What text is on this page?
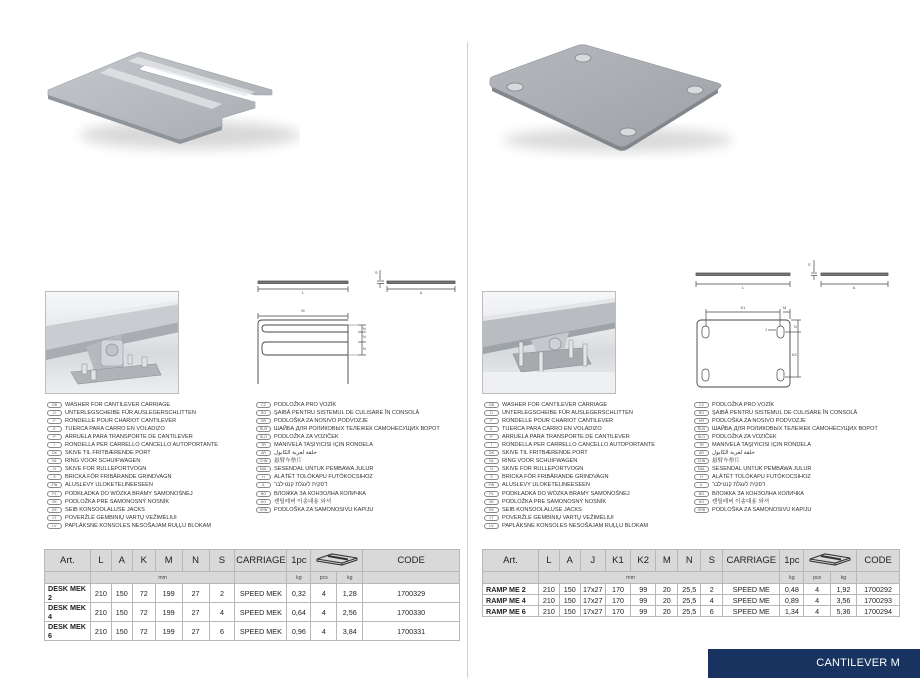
L	A
S
M
N
N
N
GB	WASHER FOR CANTILEVER CARRIAGE
D	UNTERLEGSCHEIBE FÜR AUSLEGERSCHLITTEN
F	RONDELLE POUR CHARIOT CANTILEVER
E	TUERCA PARA CARRO EN VOLADIZO
P	ARRUELA PARA TRANSPORTE DE CANTILEVER
I	RONDELLA PER CARRELLO CANCELLO AUTOPORTANTE
DK	SKIVE TIL FRITBÆRENDE PORT
NL	RING VOOR SCHUIFWAGEN
N	SKIVE FOR RULLEPORTVOGN
S	BRICKA FÖR FRIBÄRANDE GRINDVAGN
FIN	ALUSLEVY ULOKETELINEESEEN
PL	PODKŁADKA DO WÓZKA BRAMY SAMONOŚNEJ
SK	PODLOŽKA PRE SAMONOSNÝ NOSNÍK
EE	SEIB KONSOOLALUSE JACKS
LT	POVERŽLĖ GEMBINIŲ VARTŲ VEŽIMĖLIUI
LV	PAPLĀKSNE KONSOLES NESOŠAJAM RUĻĻU BLOKAM
CZ	PODLOŽKA PRO VOZÍK
RO	ŞAIBĂ PENTRU SISTEMUL DE CULISARE ÎN CONSOLĂ
HR	PODLOŠKA ZA NOSIVO PODVOZJE
RUS	ШАЙБА ДЛЯ РОЛИКОВЫХ ТЕЛЕЖЕК САМОНЕСУЩИХ ВОРОТ
SLO	PODLOŽKA ZA VOZIČEK
TR	MANIVELA TAŞIYICISI IÇIN RONDELA
AR	حلقة لعربة الكابول
CHN	悬臂车垫片
MAL	SESENDAL UNTUK PEMBAWA JULUR
H	ALÁTÉT TOLÓKAPU FUTÓKOCSIHOZ
IL	דסקית לעגלת קנטילבר
BG	ВЛОЖКА ЗА КОНЗОЛНА КОЛИЧКА
KO	캔틸레버 이송대용 와셔
SRB	PODLOŠKA ZA SAMONOSIVU KAPIJU
Art.	L	A	K	M	N	S	CARRIAGE	1pc			CODE
	mm							kg	pcs	kg	
DESK MEK 2	210	150	72	199	27	2	SPEED MEK	0,32	4	1,28	1700329
DESK MEK 4	210	150	72	199	27	4	SPEED MEK	0,64	4	2,56	1700330
DESK MEK 6	210	150	72	199	27	6	SPEED MEK	0,96	4	3,84	1700331
L	A
S
K1	M
N
K2
J
GB	WASHER FOR CANTILEVER CARRIAGE
D	UNTERLEGSCHEIBE FÜR AUSLEGERSCHLITTEN
F	RONDELLE POUR CHARIOT CANTILEVER
E	TUERCA PARA CARRO EN VOLADIZO
P	ARRUELA PARA TRANSPORTE DE CANTILEVER
I	RONDELLA PER CARRELLO CANCELLO AUTOPORTANTE
DK	SKIVE TIL FRITBÆRENDE PORT
NL	RING VOOR SCHUIFWAGEN
N	SKIVE FOR RULLEPORTVOGN
S	BRICKA FÖR FRIBÄRANDE GRINDVAGN
FIN	ALUSLEVY ULOKETELINEESEEN
PL	PODKŁADKA DO WÓZKA BRAMY SAMONOŚNEJ
SK	PODLOŽKA PRE SAMONOSNÝ NOSNÍK
EE	SEIB KONSOOLALUSE JACKS
LT	POVERŽLĖ GEMBINIŲ VARTŲ VEŽIMĖLIUI
LV	PAPLĀKSNE KONSOLES NESOŠAJAM RUĻĻU BLOKAM
CZ	PODLOŽKA PRO VOZÍK
RO	ŞAIBĂ PENTRU SISTEMUL DE CULISARE ÎN CONSOLĂ
HR	PODLOŠKA ZA NOSIVO PODVOZJE
RUS	ШАЙБА ДЛЯ РОЛИКОВЫХ ТЕЛЕЖЕК САМОНЕСУЩИХ ВОРОТ
SLO	PODLOŽKA ZA VOZIČEK
TR	MANIVELA TAŞIYICISI IÇIN RONDELA
AR	حلقة لعربة الكابول
CHN	悬臂车垫片
MAL	SESENDAL UNTUK PEMBAWA JULUR
H	ALÁTÉT TOLÓKAPU FUTÓKOCSIHOZ
IL	דסקית לעגלת קנטילבר
BG	ВЛОЖКА ЗА КОНЗОЛНА КОЛИЧКА
KO	캔틸레버 이송대용 와셔
SRB	PODLOŠKA ZA SAMONOSIVU KAPIJU
Art.	L	A	J	K1	K2	M	N	S	CARRIAGE	1pc			CODE
	mm									kg	pcs	kg	
RAMP ME 2	210	150	17x27	170	99	20	25,5	2	SPEED ME	0,48	4	1,92	1700292
RAMP ME 4	210	150	17x27	170	99	20	25,5	4	SPEED ME	0,89	4	3,56	1700293
RAMP ME 6	210	150	17x27	170	99	20	25,5	6	SPEED ME	1,34	4	5,36	1700294
CANTILEVER M
